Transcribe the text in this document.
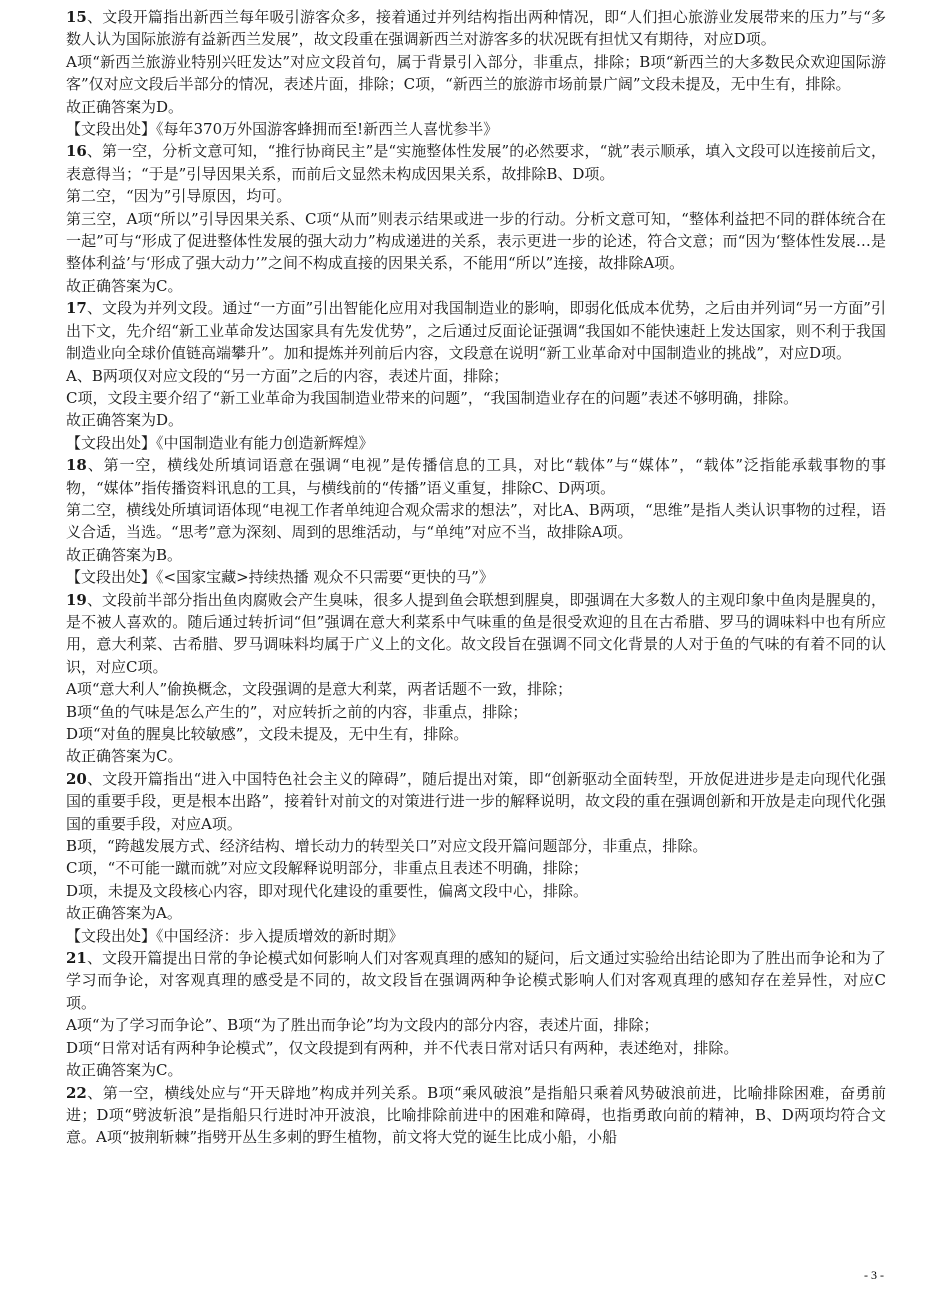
15、文段开篇指出新西兰每年吸引游客众多，接着通过并列结构指出两种情况，即“人们担心旅游业发展带来的压力”与“多数人认为国际旅游有益新西兰发展”，故文段重在强调新西兰对游客多的状况既有担忧又有期待，对应D项。

A项“新西兰旅游业特别兴旺发达”对应文段首句，属于背景引入部分，非重点，排除；B项“新西兰的大多数民众欢迎国际游客”仅对应文段后半部分的情况，表述片面，排除；C项，“新西兰的旅游市场前景广阔”文段未提及，无中生有，排除。

故正确答案为D。

【文段出处】《每年370万外国游客蜂拥而至!新西兰人喜忧参半》

16、第一空，分析文意可知，“推行协商民主”是“实施整体性发展”的必然要求，“就”表示顺承，填入文段可以连接前后文，表意得当；“于是”引导因果关系，而前后文显然未构成因果关系，故排除B、D项。

第二空，“因为”引导原因，均可。

第三空，A项“所以”引导因果关系、C项“从而”则表示结果或进一步的行动。分析文意可知，“整体利益把不同的群体统合在一起”可与“形成了促进整体性发展的强大动力”构成递进的关系，表示更进一步的论述，符合文意；而“因为‘整体性发展…是整体利益’与‘形成了强大动力’”之间不构成直接的因果关系，不能用“所以”连接，故排除A项。

故正确答案为C。

17、文段为并列文段。通过“一方面”引出智能化应用对我国制造业的影响，即弱化低成本优势，之后由并列词“另一方面”引出下文，先介绍“新工业革命发达国家具有先发优势”，之后通过反面论证强调“我国如不能快速赶上发达国家，则不利于我国制造业向全球价值链高端攀升”。加和提炼并列前后内容，文段意在说明“新工业革命对中国制造业的挑战”，对应D项。

A、B两项仅对应文段的“另一方面”之后的内容，表述片面，排除；

C项，文段主要介绍了“新工业革命为我国制造业带来的问题”，“我国制造业存在的问题”表述不够明确，排除。

故正确答案为D。

【文段出处】《中国制造业有能力创造新辉煌》

18、第一空，横线处所填词语意在强调“电视”是传播信息的工具，对比“载体”与“媒体”，“载体”泛指能承载事物的事物，“媒体”指传播资料讯息的工具，与横线前的“传播”语义重复，排除C、D两项。

第二空，横线处所填词语体现“电视工作者单纯迎合观众需求的想法”，对比A、B两项，“思维”是指人类认识事物的过程，语义合适，当选。“思考”意为深刻、周到的思维活动，与“单纯”对应不当，故排除A项。

故正确答案为B。

【文段出处】《<国家宝藏>持续热播 观众不只需要“更快的马”》

19、文段前半部分指出鱼肉腐败会产生臭味，很多人提到鱼会联想到腥臭，即强调在大多数人的主观印象中鱼肉是腥臭的，是不被人喜欢的。随后通过转折词“但”强调在意大利菜系中气味重的鱼是很受欢迎的且在古希腊、罗马的调味料中也有所应用，意大利菜、古希腊、罗马调味料均属于广义上的文化。故文段旨在强调不同文化背景的人对于鱼的气味的有着不同的认识，对应C项。

A项“意大利人”偷换概念，文段强调的是意大利菜，两者话题不一致，排除；

B项“鱼的气味是怎么产生的”，对应转折之前的内容，非重点，排除；

D项“对鱼的腥臭比较敏感”，文段未提及，无中生有，排除。

故正确答案为C。

20、文段开篇指出“进入中国特色社会主义的障碍”，随后提出对策，即“创新驱动全面转型，开放促进进步是走向现代化强国的重要手段，更是根本出路”，接着针对前文的对策进行进一步的解释说明，故文段的重在强调创新和开放是走向现代化强国的重要手段，对应A项。

B项，“跨越发展方式、经济结构、增长动力的转型关口”对应文段开篇问题部分，非重点，排除。

C项，“不可能一蹴而就”对应文段解释说明部分，非重点且表述不明确，排除；

D项，未提及文段核心内容，即对现代化建设的重要性，偏离文段中心，排除。

故正确答案为A。

【文段出处】《中国经济：步入提质增效的新时期》

21、文段开篇提出日常的争论模式如何影响人们对客观真理的感知的疑问，后文通过实验给出结论即为了胜出而争论和为了学习而争论，对客观真理的感受是不同的，故文段旨在强调两种争论模式影响人们对客观真理的感知存在差异性，对应C项。

A项“为了学习而争论”、B项“为了胜出而争论”均为文段内的部分内容，表述片面，排除；

D项“日常对话有两种争论模式”，仅文段提到有两种，并不代表日常对话只有两种，表述绝对，排除。

故正确答案为C。

22、第一空，横线处应与“开天辟地”构成并列关系。B项“乘风破浪”是指船只乘着风势破浪前进，比喻排除困难，奋勇前进；D项“劈波斩浪”是指船只行进时冲开波浪，比喻排除前进中的困难和障碍，也指勇敢向前的精神，B、D两项均符合文意。A项“披荆斩棘”指劈开丛生多刺的野生植物，前文将大党的诞生比成小船，小船

- 3 -
